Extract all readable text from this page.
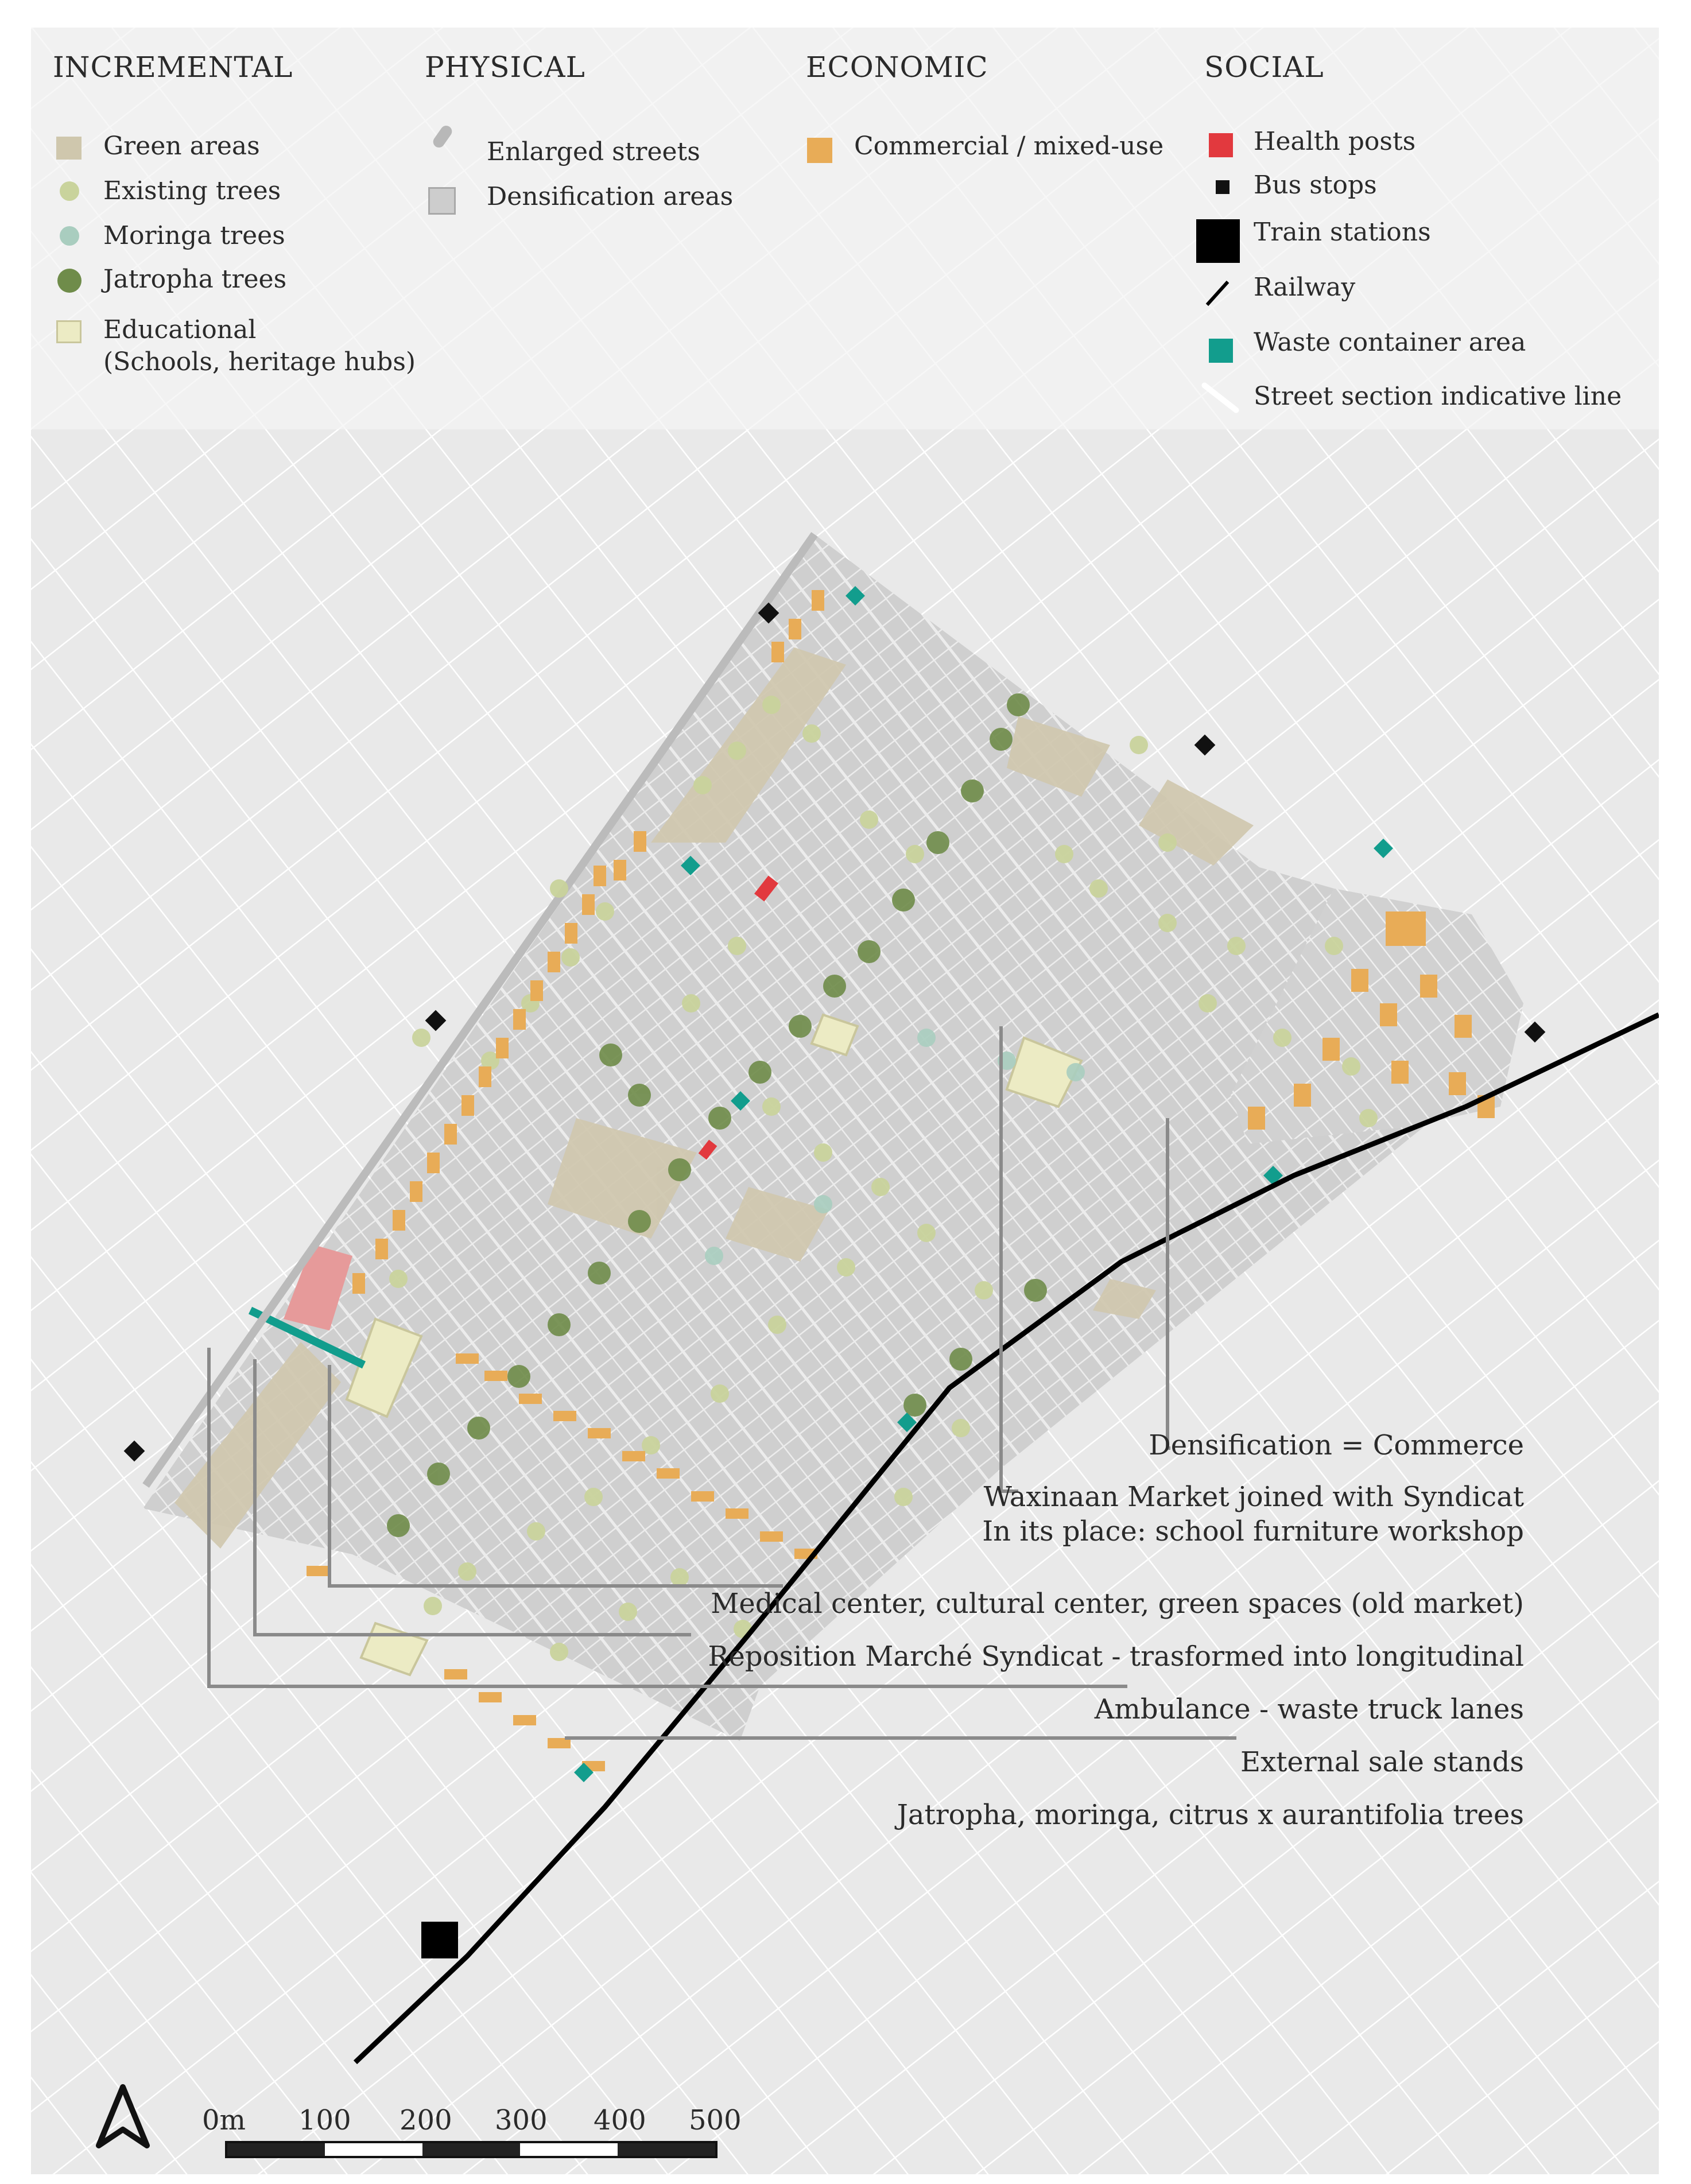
INCREMENTAL
Green areas
Existing trees
Moringa trees
Jatropha trees
Educational
(Schools, heritage hubs)
PHYSICAL
Enlarged streets
Densification areas
ECONOMIC
Commercial / mixed-use
SOCIAL
Health posts
Bus stops
Train stations
Railway
Waste container area
Street section indicative line
Densification = Commerce
Waxinaan Market joined with Syndicat
In its place: school furniture workshop
Medical center, cultural center, green spaces (old market)
Reposition Marché Syndicat - trasformed into longitudinal
Ambulance - waste truck lanes
External sale stands
Jatropha, moringa, citrus x aurantifolia trees
0m 100 200 300 400 500
